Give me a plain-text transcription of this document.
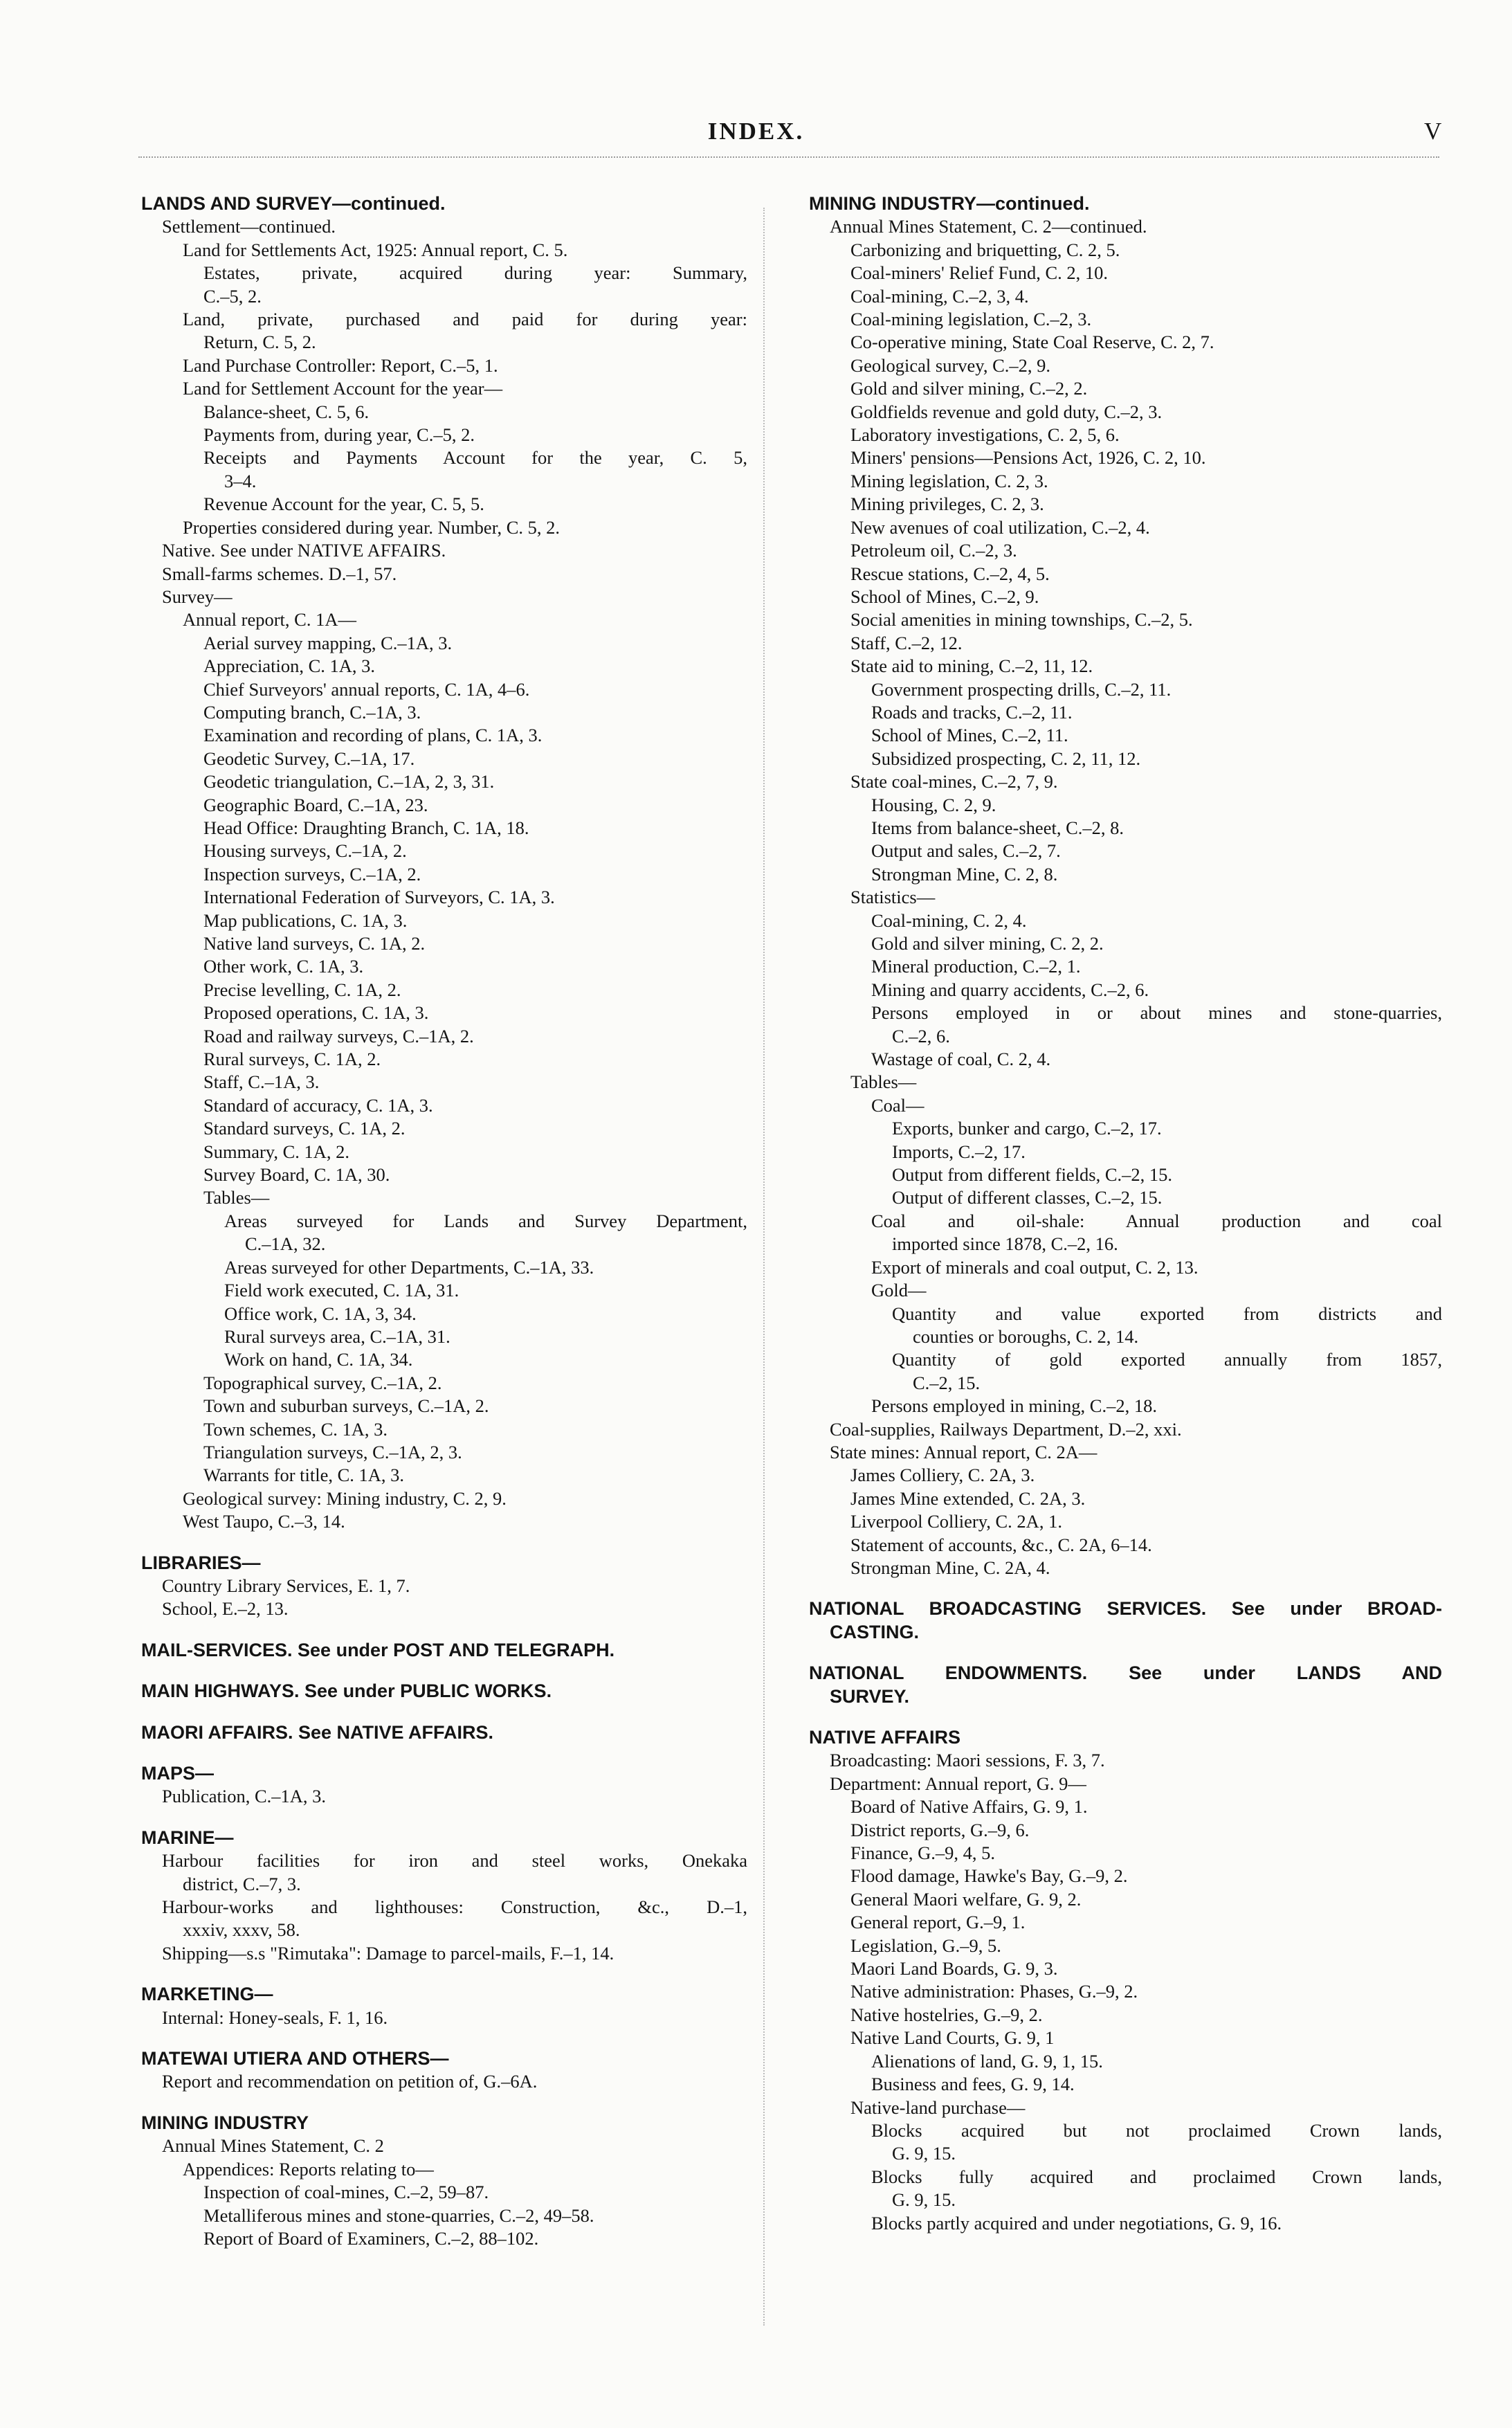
INDEX.	V
LANDS AND SURVEY—continued.
Settlement—continued.
Land for Settlements Act, 1925: Annual report, C. 5.
Estates, private, acquired during year: Summary,
C.–5, 2.
Land, private, purchased and paid for during year:
Return, C. 5, 2.
Land Purchase Controller: Report, C.–5, 1.
Land for Settlement Account for the year—
Balance-sheet, C. 5, 6.
Payments from, during year, C.–5, 2.
Receipts and Payments Account for the year, C. 5,
3–4.
Revenue Account for the year, C. 5, 5.
Properties considered during year. Number, C. 5, 2.
Native. See under NATIVE AFFAIRS.
Small-farms schemes. D.–1, 57.
Survey—
Annual report, C. 1A—
Aerial survey mapping, C.–1A, 3.
Appreciation, C. 1A, 3.
Chief Surveyors' annual reports, C. 1A, 4–6.
Computing branch, C.–1A, 3.
Examination and recording of plans, C. 1A, 3.
Geodetic Survey, C.–1A, 17.
Geodetic triangulation, C.–1A, 2, 3, 31.
Geographic Board, C.–1A, 23.
Head Office: Draughting Branch, C. 1A, 18.
Housing surveys, C.–1A, 2.
Inspection surveys, C.–1A, 2.
International Federation of Surveyors, C. 1A, 3.
Map publications, C. 1A, 3.
Native land surveys, C. 1A, 2.
Other work, C. 1A, 3.
Precise levelling, C. 1A, 2.
Proposed operations, C. 1A, 3.
Road and railway surveys, C.–1A, 2.
Rural surveys, C. 1A, 2.
Staff, C.–1A, 3.
Standard of accuracy, C. 1A, 3.
Standard surveys, C. 1A, 2.
Summary, C. 1A, 2.
Survey Board, C. 1A, 30.
Tables—
Areas surveyed for Lands and Survey Department,
C.–1A, 32.
Areas surveyed for other Departments, C.–1A, 33.
Field work executed, C. 1A, 31.
Office work, C. 1A, 3, 34.
Rural surveys area, C.–1A, 31.
Work on hand, C. 1A, 34.
Topographical survey, C.–1A, 2.
Town and suburban surveys, C.–1A, 2.
Town schemes, C. 1A, 3.
Triangulation surveys, C.–1A, 2, 3.
Warrants for title, C. 1A, 3.
Geological survey: Mining industry, C. 2, 9.
West Taupo, C.–3, 14.
LIBRARIES—
Country Library Services, E. 1, 7.
School, E.–2, 13.
MAIL-SERVICES. See under POST AND TELEGRAPH.
MAIN HIGHWAYS. See under PUBLIC WORKS.
MAORI AFFAIRS. See NATIVE AFFAIRS.
MAPS—
Publication, C.–1A, 3.
MARINE—
Harbour facilities for iron and steel works, Onekaka
district, C.–7, 3.
Harbour-works and lighthouses: Construction, &c., D.–1,
xxxiv, xxxv, 58.
Shipping—s.s "Rimutaka": Damage to parcel-mails, F.–1, 14.
MARKETING—
Internal: Honey-seals, F. 1, 16.
MATEWAI UTIERA AND OTHERS—
Report and recommendation on petition of, G.–6A.
MINING INDUSTRY
Annual Mines Statement, C. 2
Appendices: Reports relating to—
Inspection of coal-mines, C.–2, 59–87.
Metalliferous mines and stone-quarries, C.–2, 49–58.
Report of Board of Examiners, C.–2, 88–102.
MINING INDUSTRY—continued.
Annual Mines Statement, C. 2—continued.
Carbonizing and briquetting, C. 2, 5.
Coal-miners' Relief Fund, C. 2, 10.
Coal-mining, C.–2, 3, 4.
Coal-mining legislation, C.–2, 3.
Co-operative mining, State Coal Reserve, C. 2, 7.
Geological survey, C.–2, 9.
Gold and silver mining, C.–2, 2.
Goldfields revenue and gold duty, C.–2, 3.
Laboratory investigations, C. 2, 5, 6.
Miners' pensions—Pensions Act, 1926, C. 2, 10.
Mining legislation, C. 2, 3.
Mining privileges, C. 2, 3.
New avenues of coal utilization, C.–2, 4.
Petroleum oil, C.–2, 3.
Rescue stations, C.–2, 4, 5.
School of Mines, C.–2, 9.
Social amenities in mining townships, C.–2, 5.
Staff, C.–2, 12.
State aid to mining, C.–2, 11, 12.
Government prospecting drills, C.–2, 11.
Roads and tracks, C.–2, 11.
School of Mines, C.–2, 11.
Subsidized prospecting, C. 2, 11, 12.
State coal-mines, C.–2, 7, 9.
Housing, C. 2, 9.
Items from balance-sheet, C.–2, 8.
Output and sales, C.–2, 7.
Strongman Mine, C. 2, 8.
Statistics—
Coal-mining, C. 2, 4.
Gold and silver mining, C. 2, 2.
Mineral production, C.–2, 1.
Mining and quarry accidents, C.–2, 6.
Persons employed in or about mines and stone-quarries,
C.–2, 6.
Wastage of coal, C. 2, 4.
Tables—
Coal—
Exports, bunker and cargo, C.–2, 17.
Imports, C.–2, 17.
Output from different fields, C.–2, 15.
Output of different classes, C.–2, 15.
Coal and oil-shale: Annual production and coal
imported since 1878, C.–2, 16.
Export of minerals and coal output, C. 2, 13.
Gold—
Quantity and value exported from districts and
counties or boroughs, C. 2, 14.
Quantity of gold exported annually from 1857,
C.–2, 15.
Persons employed in mining, C.–2, 18.
Coal-supplies, Railways Department, D.–2, xxi.
State mines: Annual report, C. 2A—
James Colliery, C. 2A, 3.
James Mine extended, C. 2A, 3.
Liverpool Colliery, C. 2A, 1.
Statement of accounts, &c., C. 2A, 6–14.
Strongman Mine, C. 2A, 4.
NATIONAL BROADCASTING SERVICES. See under BROAD-
CASTING.
NATIONAL ENDOWMENTS. See under LANDS AND
SURVEY.
NATIVE AFFAIRS
Broadcasting: Maori sessions, F. 3, 7.
Department: Annual report, G. 9—
Board of Native Affairs, G. 9, 1.
District reports, G.–9, 6.
Finance, G.–9, 4, 5.
Flood damage, Hawke's Bay, G.–9, 2.
General Maori welfare, G. 9, 2.
General report, G.–9, 1.
Legislation, G.–9, 5.
Maori Land Boards, G. 9, 3.
Native administration: Phases, G.–9, 2.
Native hostelries, G.–9, 2.
Native Land Courts, G. 9, 1
Alienations of land, G. 9, 1, 15.
Business and fees, G. 9, 14.
Native-land purchase—
Blocks acquired but not proclaimed Crown lands,
G. 9, 15.
Blocks fully acquired and proclaimed Crown lands,
G. 9, 15.
Blocks partly acquired and under negotiations, G. 9, 16.
